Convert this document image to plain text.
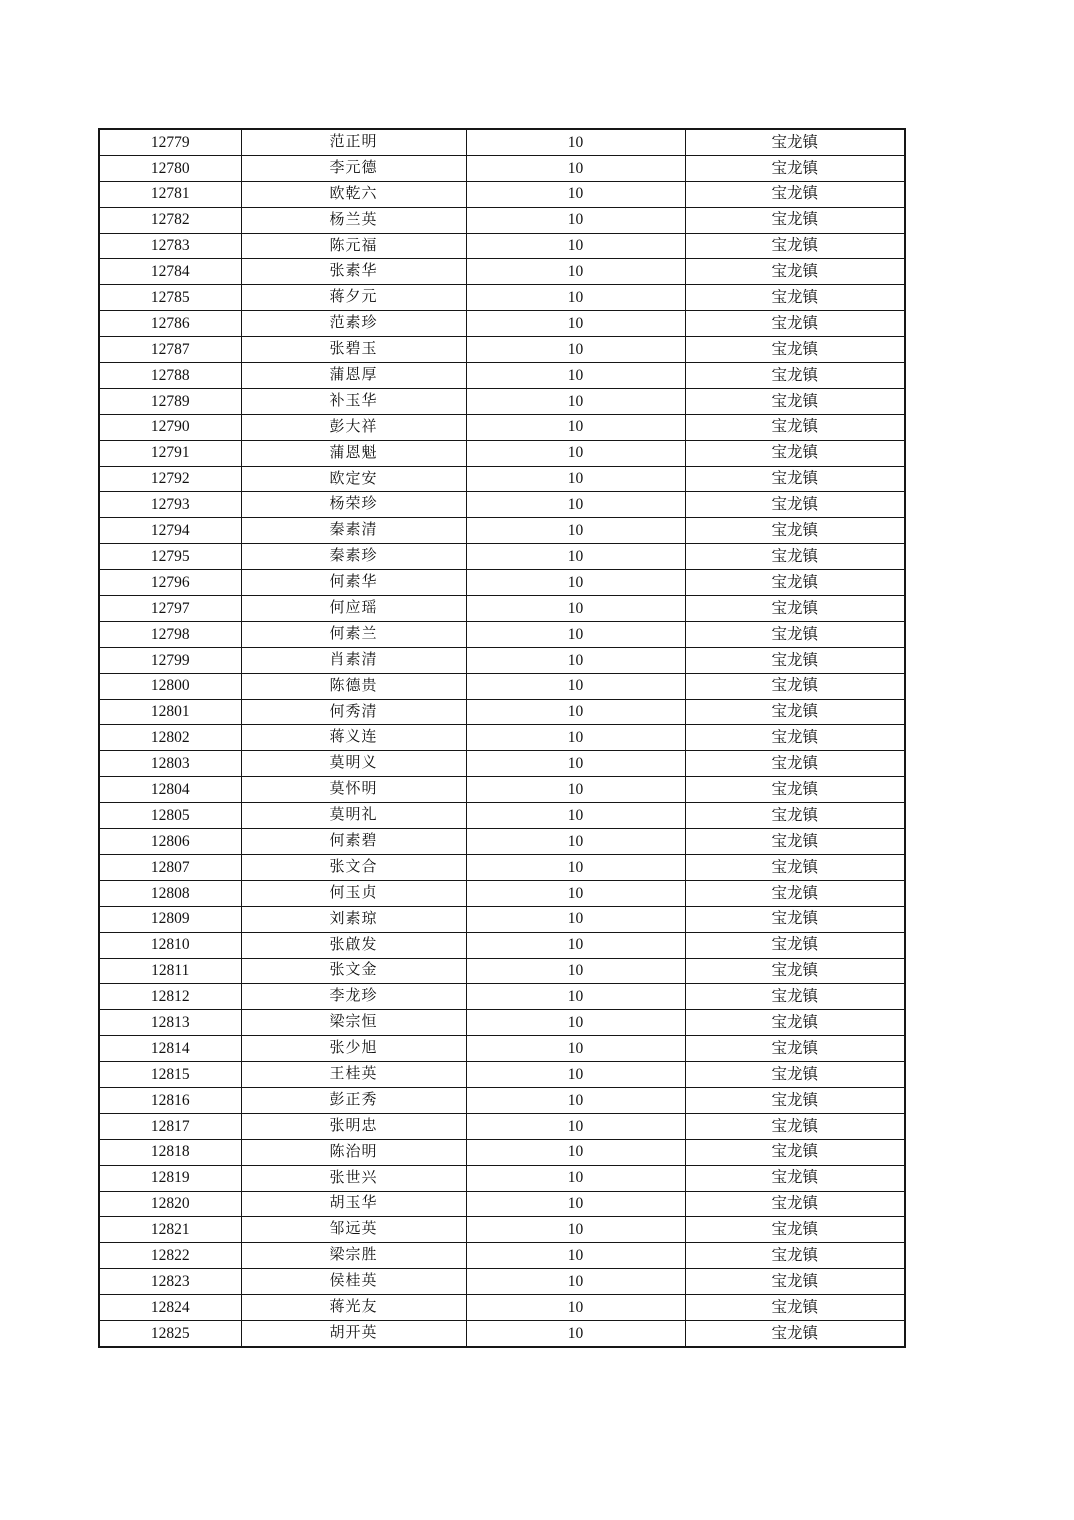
12779	范正明	10	宝龙镇
12780	李元德	10	宝龙镇
12781	欧乾六	10	宝龙镇
12782	杨兰英	10	宝龙镇
12783	陈元福	10	宝龙镇
12784	张素华	10	宝龙镇
12785	蒋夕元	10	宝龙镇
12786	范素珍	10	宝龙镇
12787	张碧玉	10	宝龙镇
12788	蒲恩厚	10	宝龙镇
12789	补玉华	10	宝龙镇
12790	彭大祥	10	宝龙镇
12791	蒲恩魁	10	宝龙镇
12792	欧定安	10	宝龙镇
12793	杨荣珍	10	宝龙镇
12794	秦素清	10	宝龙镇
12795	秦素珍	10	宝龙镇
12796	何素华	10	宝龙镇
12797	何应瑶	10	宝龙镇
12798	何素兰	10	宝龙镇
12799	肖素清	10	宝龙镇
12800	陈德贵	10	宝龙镇
12801	何秀清	10	宝龙镇
12802	蒋义连	10	宝龙镇
12803	莫明义	10	宝龙镇
12804	莫怀明	10	宝龙镇
12805	莫明礼	10	宝龙镇
12806	何素碧	10	宝龙镇
12807	张文合	10	宝龙镇
12808	何玉贞	10	宝龙镇
12809	刘素琼	10	宝龙镇
12810	张啟发	10	宝龙镇
12811	张文金	10	宝龙镇
12812	李龙珍	10	宝龙镇
12813	梁宗恒	10	宝龙镇
12814	张少旭	10	宝龙镇
12815	王桂英	10	宝龙镇
12816	彭正秀	10	宝龙镇
12817	张明忠	10	宝龙镇
12818	陈治明	10	宝龙镇
12819	张世兴	10	宝龙镇
12820	胡玉华	10	宝龙镇
12821	邹远英	10	宝龙镇
12822	梁宗胜	10	宝龙镇
12823	侯桂英	10	宝龙镇
12824	蒋光友	10	宝龙镇
12825	胡开英	10	宝龙镇
